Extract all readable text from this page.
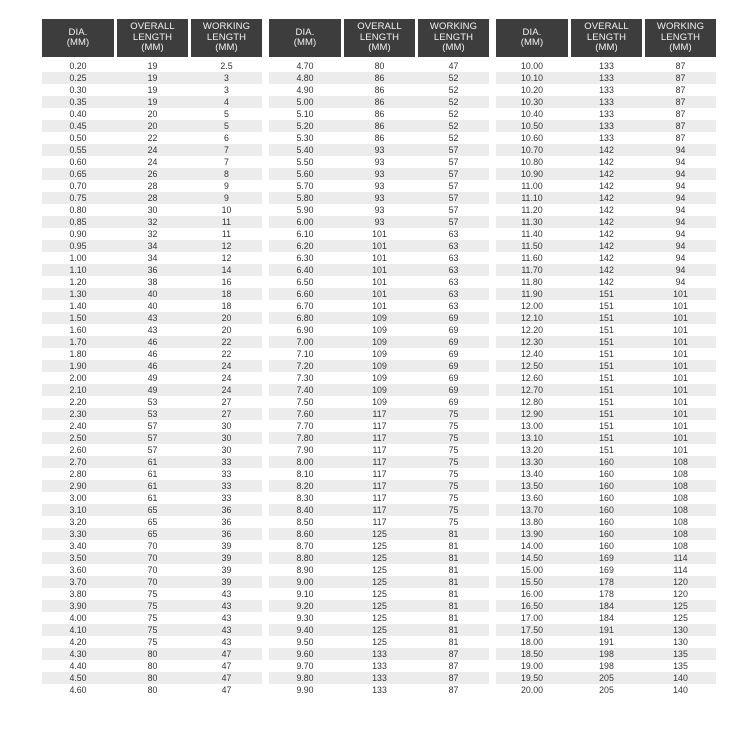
DIA.
(MM)
OVERALL
LENGTH
(MM)
WORKING
LENGTH
(MM)
0.20	19	2.5
0.25	19	3
0.30	19	3
0.35	19	4
0.40	20	5
0.45	20	5
0.50	22	6
0.55	24	7
0.60	24	7
0.65	26	8
0.70	28	9
0.75	28	9
0.80	30	10
0.85	32	11
0.90	32	11
0.95	34	12
1.00	34	12
1.10	36	14
1.20	38	16
1.30	40	18
1.40	40	18
1.50	43	20
1.60	43	20
1.70	46	22
1.80	46	22
1.90	46	24
2.00	49	24
2.10	49	24
2.20	53	27
2.30	53	27
2.40	57	30
2.50	57	30
2.60	57	30
2.70	61	33
2.80	61	33
2.90	61	33
3.00	61	33
3.10	65	36
3.20	65	36
3.30	65	36
3.40	70	39
3.50	70	39
3.60	70	39
3.70	70	39
3.80	75	43
3.90	75	43
4.00	75	43
4.10	75	43
4.20	75	43
4.30	80	47
4.40	80	47
4.50	80	47
4.60	80	47
DIA.
(MM)
OVERALL
LENGTH
(MM)
WORKING
LENGTH
(MM)
4.70	80	47
4.80	86	52
4.90	86	52
5.00	86	52
5.10	86	52
5.20	86	52
5.30	86	52
5.40	93	57
5.50	93	57
5.60	93	57
5.70	93	57
5.80	93	57
5.90	93	57
6.00	93	57
6.10	101	63
6.20	101	63
6.30	101	63
6.40	101	63
6.50	101	63
6.60	101	63
6.70	101	63
6.80	109	69
6.90	109	69
7.00	109	69
7.10	109	69
7.20	109	69
7.30	109	69
7.40	109	69
7.50	109	69
7.60	117	75
7.70	117	75
7.80	117	75
7.90	117	75
8.00	117	75
8.10	117	75
8.20	117	75
8.30	117	75
8.40	117	75
8.50	117	75
8.60	125	81
8.70	125	81
8.80	125	81
8.90	125	81
9.00	125	81
9.10	125	81
9.20	125	81
9.30	125	81
9.40	125	81
9.50	125	81
9.60	133	87
9.70	133	87
9.80	133	87
9.90	133	87
DIA.
(MM)
OVERALL
LENGTH
(MM)
WORKING
LENGTH
(MM)
10.00	133	87
10.10	133	87
10.20	133	87
10.30	133	87
10.40	133	87
10.50	133	87
10.60	133	87
10.70	142	94
10.80	142	94
10.90	142	94
11.00	142	94
11.10	142	94
11.20	142	94
11.30	142	94
11.40	142	94
11.50	142	94
11.60	142	94
11.70	142	94
11.80	142	94
11.90	151	101
12.00	151	101
12.10	151	101
12.20	151	101
12.30	151	101
12.40	151	101
12.50	151	101
12.60	151	101
12.70	151	101
12.80	151	101
12.90	151	101
13.00	151	101
13.10	151	101
13.20	151	101
13.30	160	108
13.40	160	108
13.50	160	108
13.60	160	108
13.70	160	108
13.80	160	108
13.90	160	108
14.00	160	108
14.50	169	114
15.00	169	114
15.50	178	120
16.00	178	120
16.50	184	125
17.00	184	125
17.50	191	130
18.00	191	130
18.50	198	135
19.00	198	135
19.50	205	140
20.00	205	140
